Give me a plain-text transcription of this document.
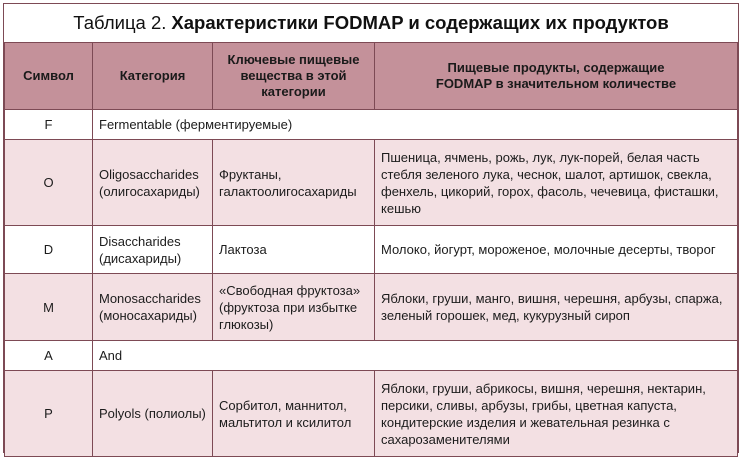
Таблица 2. Характеристики FODMAP и содержащих их продуктов
Символ	Категория	Ключевые пищевые вещества в этой категории	Пищевые продукты, содержащие FODMAP в значительном количестве
F	Fermentable (ферментируемые)		
O	Oligosaccharides (олигосахариды)	Фруктаны, галактоолигосахариды	Пшеница, ячмень, рожь, лук, лук-порей, белая часть стебля зеленого лука, чеснок, шалот, артишок, свекла, фенхель, цикорий, горох, фасоль, чечевица, фисташки, кешью
D	Disaccharides (дисахариды)	Лактоза	Молоко, йогурт, мороженое, молочные десерты, творог
M	Monosaccharides (моносахариды)	«Свободная фруктоза» (фруктоза при избытке глюкозы)	Яблоки, груши, манго, вишня, черешня, арбузы, спаржа, зеленый горошек, мед, кукурузный сироп
A	And		
P	Polyols (полиолы)	Сорбитол, маннитол, мальтитол и ксилитол	Яблоки, груши, абрикосы, вишня, черешня, нектарин, персики, сливы, арбузы, грибы, цветная капуста, кондитерские изделия и жевательная резинка с сахарозаменителями
